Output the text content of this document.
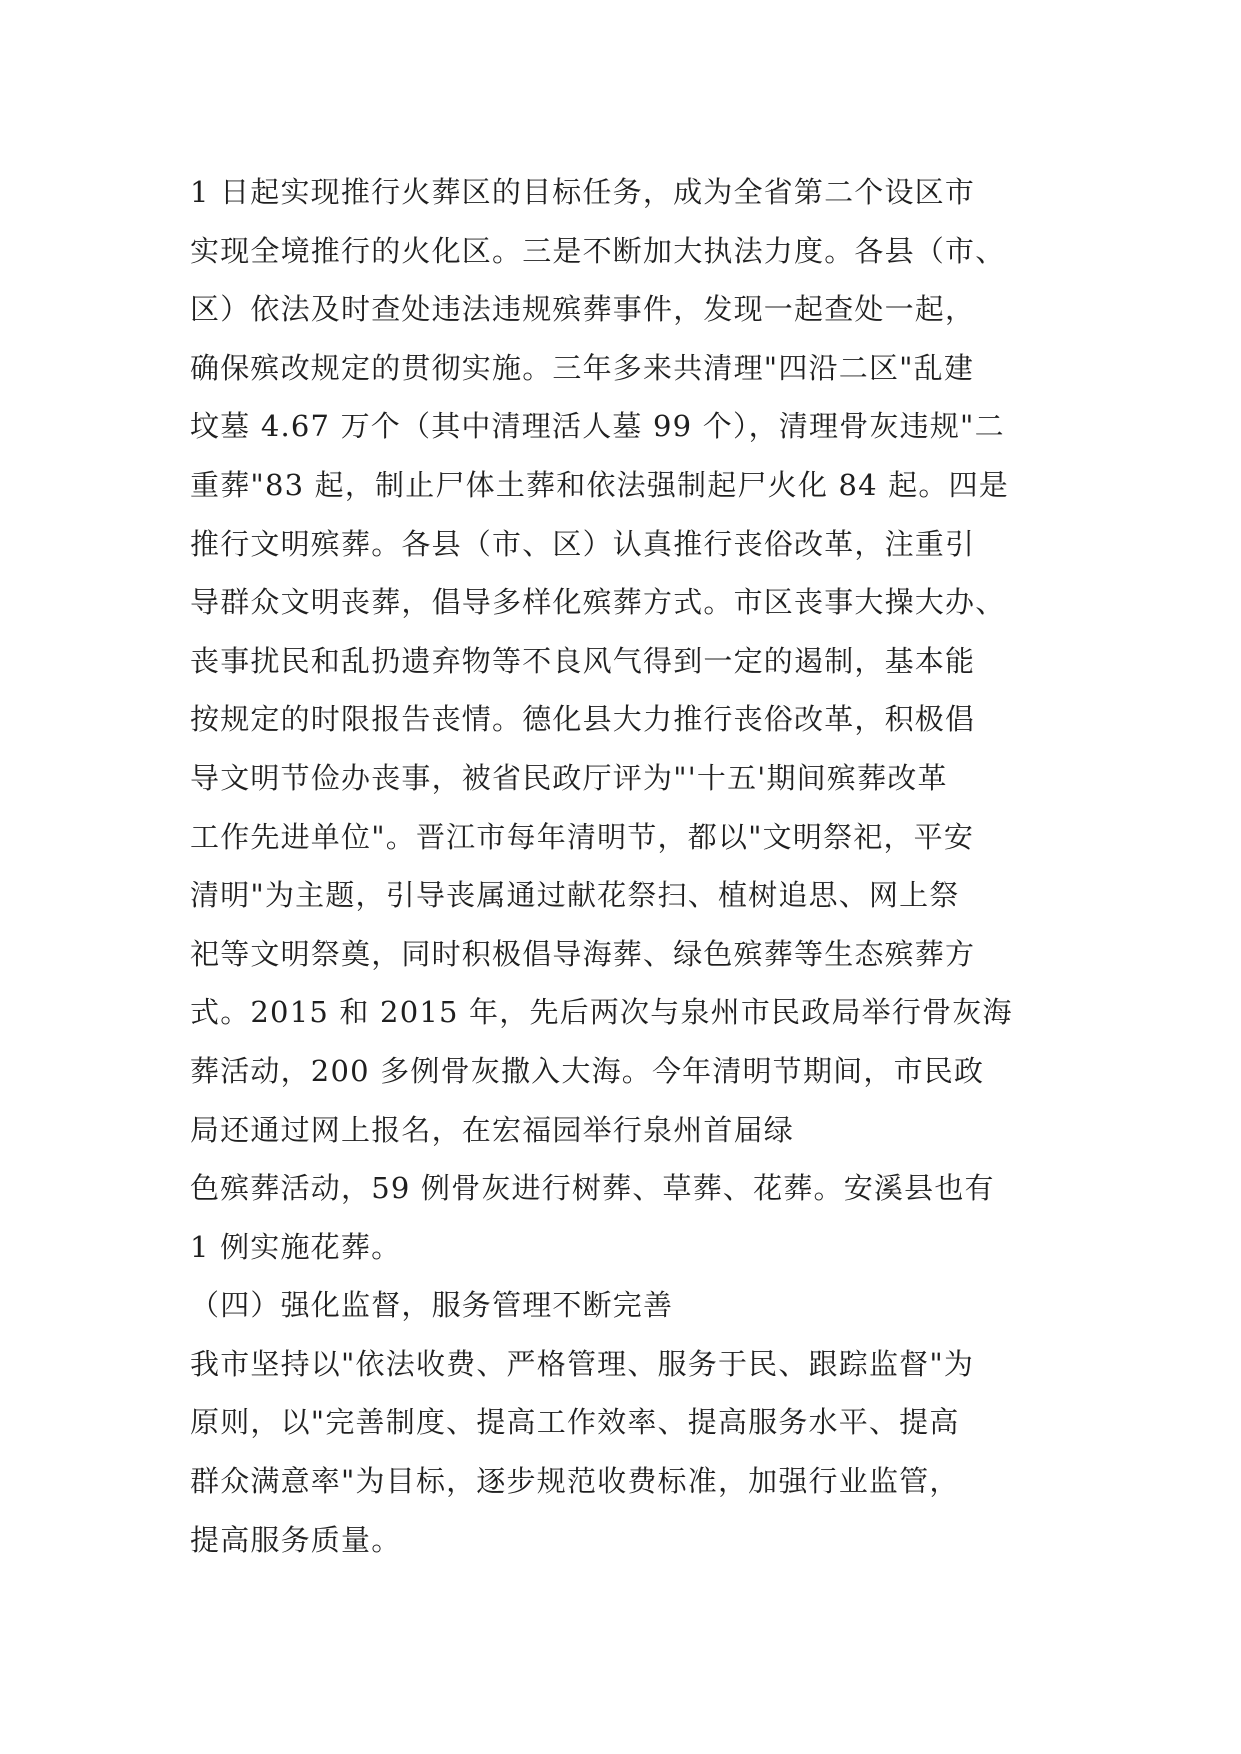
1 日起实现推行火葬区的目标任务，成为全省第二个设区市
实现全境推行的火化区。三是不断加大执法力度。各县（市、
区）依法及时查处违法违规殡葬事件，发现一起查处一起，
确保殡改规定的贯彻实施。三年多来共清理"四沿二区"乱建
坟墓 4.67 万个（其中清理活人墓 99 个），清理骨灰违规"二
重葬"83 起，制止尸体土葬和依法强制起尸火化 84 起。四是
推行文明殡葬。各县（市、区）认真推行丧俗改革，注重引
导群众文明丧葬，倡导多样化殡葬方式。市区丧事大操大办、
丧事扰民和乱扔遗弃物等不良风气得到一定的遏制，基本能
按规定的时限报告丧情。德化县大力推行丧俗改革，积极倡
导文明节俭办丧事，被省民政厅评为"'十五'期间殡葬改革
工作先进单位"。晋江市每年清明节，都以"文明祭祀，平安
清明"为主题，引导丧属通过献花祭扫、植树追思、网上祭
祀等文明祭奠，同时积极倡导海葬、绿色殡葬等生态殡葬方
式。2015 和 2015 年，先后两次与泉州市民政局举行骨灰海
葬活动，200 多例骨灰撒入大海。今年清明节期间，市民政
局还通过网上报名，在宏福园举行泉州首届绿
色殡葬活动，59 例骨灰进行树葬、草葬、花葬。安溪县也有
1 例实施花葬。
（四）强化监督，服务管理不断完善
我市坚持以"依法收费、严格管理、服务于民、跟踪监督"为
原则，以"完善制度、提高工作效率、提高服务水平、提高
群众满意率"为目标，逐步规范收费标准，加强行业监管，
提高服务质量。
